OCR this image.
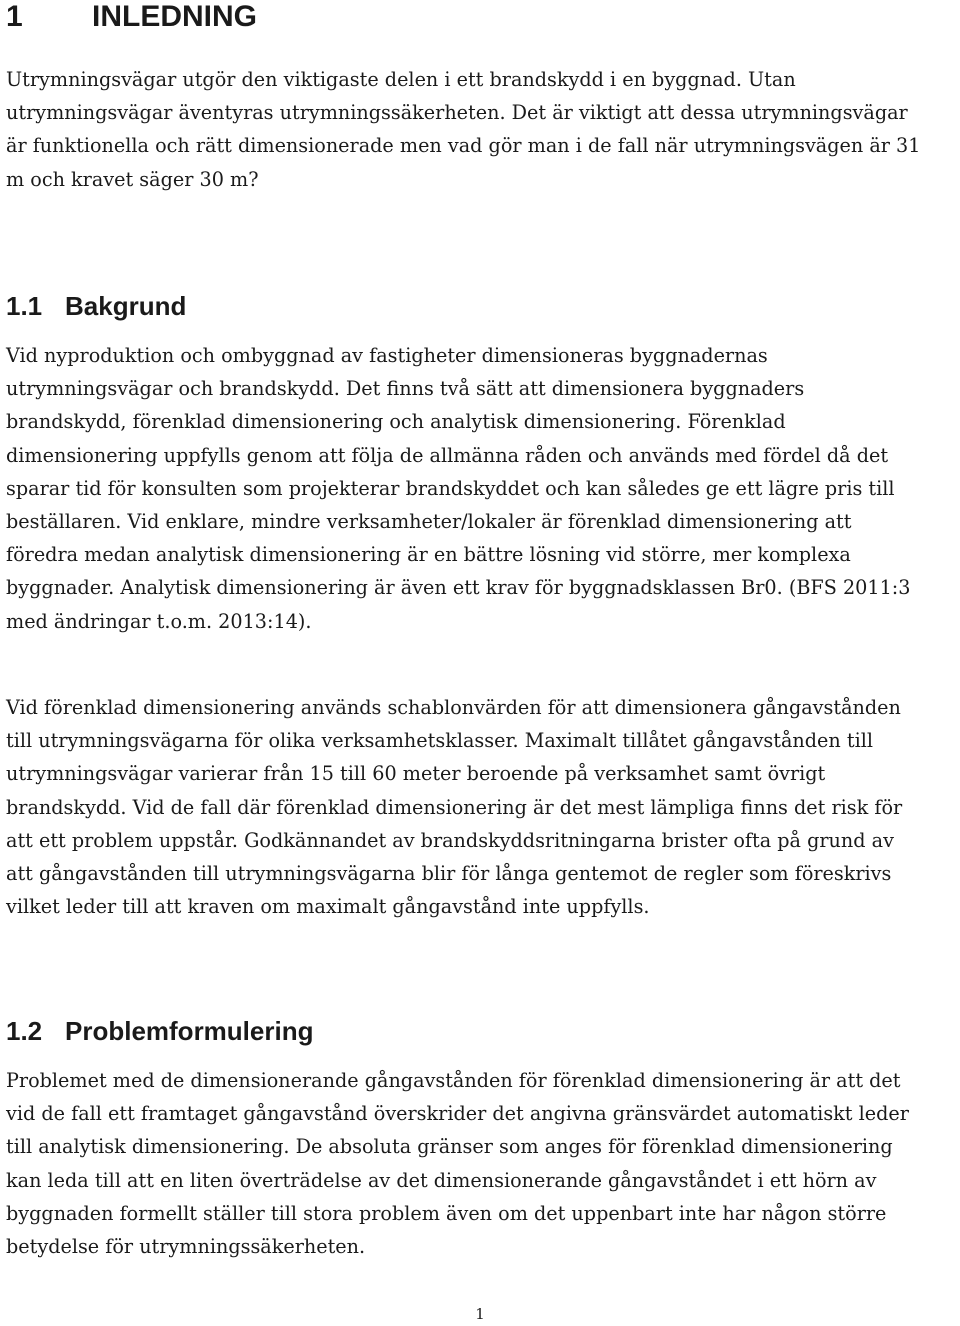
1 INLEDNING

Utrymningsvägar utgör den viktigaste delen i ett brandskydd i en byggnad. Utan
utrymningsvägar äventyras utrymningssäkerheten. Det är viktigt att dessa utrymningsvägar
är funktionella och rätt dimensionerade men vad gör man i de fall när utrymningsvägen är 31
m och kravet säger 30 m?

1.1 Bakgrund

Vid nyproduktion och ombyggnad av fastigheter dimensioneras byggnadernas
utrymningsvägar och brandskydd. Det finns två sätt att dimensionera byggnaders
brandskydd, förenklad dimensionering och analytisk dimensionering. Förenklad
dimensionering uppfylls genom att följa de allmänna råden och används med fördel då det
sparar tid för konsulten som projekterar brandskyddet och kan således ge ett lägre pris till
beställaren. Vid enklare, mindre verksamheter/lokaler är förenklad dimensionering att
föredra medan analytisk dimensionering är en bättre lösning vid större, mer komplexa
byggnader. Analytisk dimensionering är även ett krav för byggnadsklassen Br0. (BFS 2011:3
med ändringar t.o.m. 2013:14).

Vid förenklad dimensionering används schablonvärden för att dimensionera gångavstånden
till utrymningsvägarna för olika verksamhetsklasser. Maximalt tillåtet gångavstånden till
utrymningsvägar varierar från 15 till 60 meter beroende på verksamhet samt övrigt
brandskydd. Vid de fall där förenklad dimensionering är det mest lämpliga finns det risk för
att ett problem uppstår. Godkännandet av brandskyddsritningarna brister ofta på grund av
att gångavstånden till utrymningsvägarna blir för långa gentemot de regler som föreskrivs
vilket leder till att kraven om maximalt gångavstånd inte uppfylls.

1.2 Problemformulering

Problemet med de dimensionerande gångavstånden för förenklad dimensionering är att det
vid de fall ett framtaget gångavstånd överskrider det angivna gränsvärdet automatiskt leder
till analytisk dimensionering. De absoluta gränser som anges för förenklad dimensionering
kan leda till att en liten överträdelse av det dimensionerande gångavståndet i ett hörn av
byggnaden formellt ställer till stora problem även om det uppenbart inte har någon större
betydelse för utrymningssäkerheten.

1
